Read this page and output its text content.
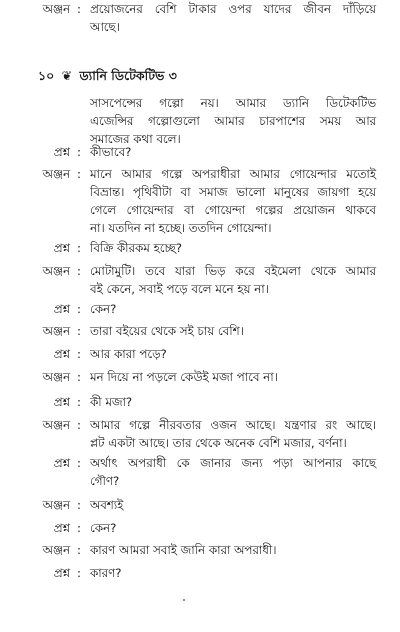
১০ ❦ ড্যানি ডিটেকটিভ ৩
সাসপেন্সের গল্পো নয়। আমার ড্যানি ডিটেকটিভ
এজেন্সির গল্পোগুলো আমার চারপাশের সময় আর
সমাজের কথা বলে।
প্রশ্ন : কীভাবে?
অঞ্জন : মানে আমার গল্পে অপরাধীরা আমার গোয়েন্দার মতোই
বিভ্রান্ত। পৃথিবীটা বা সমাজ ভালো মানুষের জায়গা হয়ে
গেলে গোয়েন্দার বা গোয়েন্দা গল্পের প্রয়োজন থাকবে
না। যতদিন না হচ্ছে। ততদিন গোয়েন্দা।
প্রশ্ন : বিক্রি কীরকম হচ্ছে?
অঞ্জন : মোটামুটি। তবে যারা ভিড় করে বইমেলা থেকে আমার
বই কেনে, সবাই পড়ে বলে মনে হয় না।
প্রশ্ন : কেন?
অঞ্জন : তারা বইয়ের থেকে সই চায় বেশি।
প্রশ্ন : আর কারা পড়ে?
অঞ্জন : মন দিয়ে না পড়লে কেউই মজা পাবে না।
প্রশ্ন : কী মজা?
অঞ্জন : আমার গল্পে নীরবতার ওজন আছে। যন্ত্রণার রং আছে।
প্লট একটা আছে। তার থেকে অনেক বেশি মজার, বর্ণনা।
প্রশ্ন : অর্থাৎ অপরাধী কে জানার জন্য পড়া আপনার কাছে
গৌণ?
অঞ্জন : অবশ্যই
প্রশ্ন : কেন?
অঞ্জন : কারণ আমরা সবাই জানি কারা অপরাধী।
প্রশ্ন : কারণ?
অঞ্জন : প্রয়োজনের বেশি টাকার ওপর যাদের জীবন দাঁড়িয়ে
আছে।
